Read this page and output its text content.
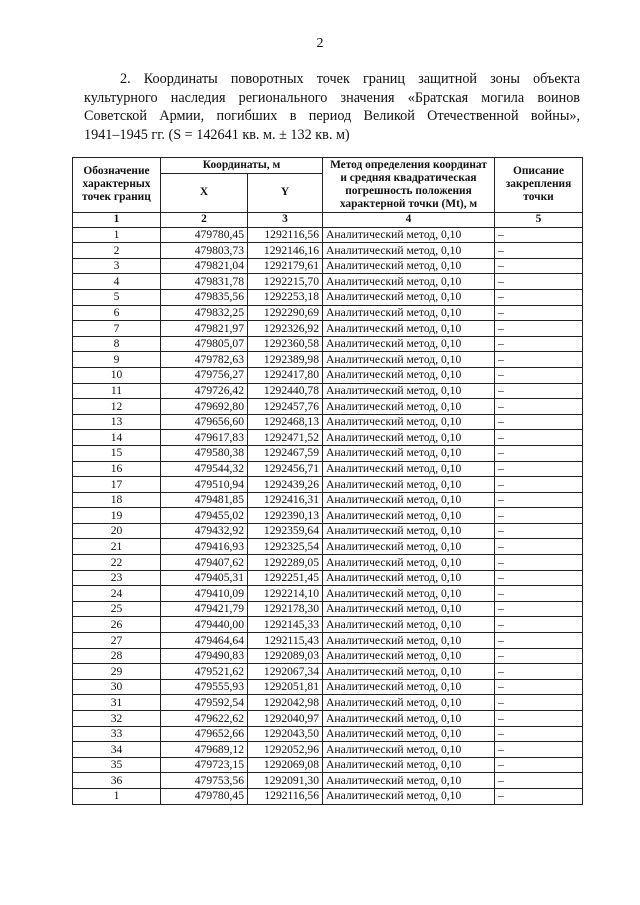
2
2. Координаты поворотных точек границ защитной зоны объекта
культурного наследия регионального значения «Братская могила воинов
Советской Армии, погибших в период Великой Отечественной войны»,
1941–1945 гг. (S = 142641 кв. м. ± 132 кв. м)
Обозначение характерных точек границ	Координаты, м		Метод определения координат и средняя квадратическая погрешность положения характерной точки (Mt), м	Описание закрепления точки
	X	Y		
1	2	3	4	5
1	479780,45	1292116,56	Аналитический метод, 0,10	–
2	479803,73	1292146,16	Аналитический метод, 0,10	–
3	479821,04	1292179,61	Аналитический метод, 0,10	–
4	479831,78	1292215,70	Аналитический метод, 0,10	–
5	479835,56	1292253,18	Аналитический метод, 0,10	–
6	479832,25	1292290,69	Аналитический метод, 0,10	–
7	479821,97	1292326,92	Аналитический метод, 0,10	–
8	479805,07	1292360,58	Аналитический метод, 0,10	–
9	479782,63	1292389,98	Аналитический метод, 0,10	–
10	479756,27	1292417,80	Аналитический метод, 0,10	–
11	479726,42	1292440,78	Аналитический метод, 0,10	–
12	479692,80	1292457,76	Аналитический метод, 0,10	–
13	479656,60	1292468,13	Аналитический метод, 0,10	–
14	479617,83	1292471,52	Аналитический метод, 0,10	–
15	479580,38	1292467,59	Аналитический метод, 0,10	–
16	479544,32	1292456,71	Аналитический метод, 0,10	–
17	479510,94	1292439,26	Аналитический метод, 0,10	–
18	479481,85	1292416,31	Аналитический метод, 0,10	–
19	479455,02	1292390,13	Аналитический метод, 0,10	–
20	479432,92	1292359,64	Аналитический метод, 0,10	–
21	479416,93	1292325,54	Аналитический метод, 0,10	–
22	479407,62	1292289,05	Аналитический метод, 0,10	–
23	479405,31	1292251,45	Аналитический метод, 0,10	–
24	479410,09	1292214,10	Аналитический метод, 0,10	–
25	479421,79	1292178,30	Аналитический метод, 0,10	–
26	479440,00	1292145,33	Аналитический метод, 0,10	–
27	479464,64	1292115,43	Аналитический метод, 0,10	–
28	479490,83	1292089,03	Аналитический метод, 0,10	–
29	479521,62	1292067,34	Аналитический метод, 0,10	–
30	479555,93	1292051,81	Аналитический метод, 0,10	–
31	479592,54	1292042,98	Аналитический метод, 0,10	–
32	479622,62	1292040,97	Аналитический метод, 0,10	–
33	479652,66	1292043,50	Аналитический метод, 0,10	–
34	479689,12	1292052,96	Аналитический метод, 0,10	–
35	479723,15	1292069,08	Аналитический метод, 0,10	–
36	479753,56	1292091,30	Аналитический метод, 0,10	–
1	479780,45	1292116,56	Аналитический метод, 0,10	–
